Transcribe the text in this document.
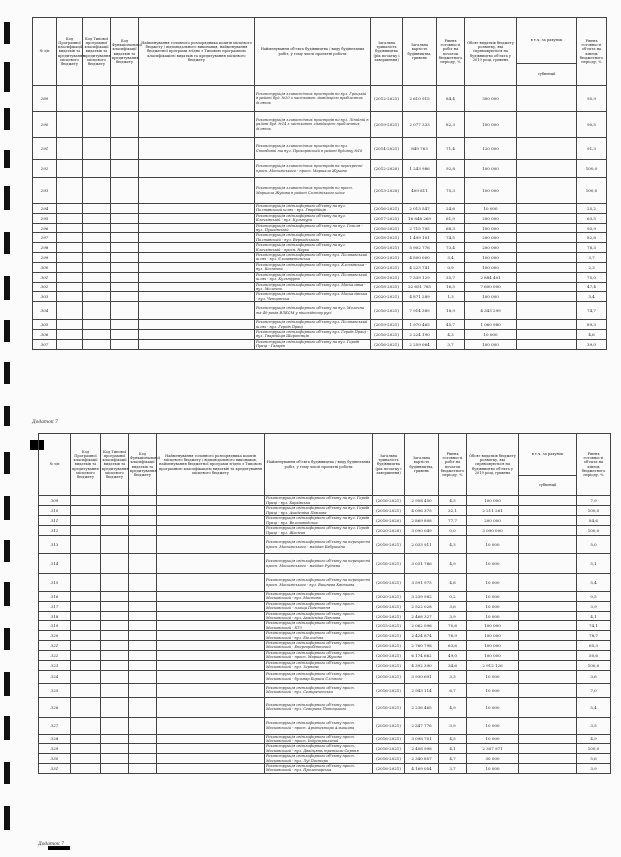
№ з/п	Код Програмної класифікації видатків та кредитування місцевого бюджету	Код Типової програмної класифікації видатків та кредитування місцевого бюджету	Код Функціональної класифікації видатків та кредитування бюджету	Найменування головного розпорядника коштів місцевого бюджету / відповідального виконавця, найменування бюджетної програми згідно з Типовою програмною класифікацією видатків та кредитування місцевого бюджету	Найменування об'єкта будівництва / виду будівельних робіт, у тому числі проектні роботи	Загальна тривалість будівництва (рік початку і завершення)	Загальна вартість будівництва, гривень	Рівень готовності робіт на початок бюджетного періоду, %	Обсяг видатків бюджету розвитку, які спрямовуються на будівництво об'єкта у 2019 році, гривень	в т.ч. за рахунок	Рівень готовності об'єкта на кінець бюджетного періоду, %
										субвенції	
289					Реконструкція зливостічних пристроїв по вул. Грецькій в районі буд. №20 з частковою ліквідацією проблемних ділянок	(2012-2021)	2 610 915	84,4	300 000		95,9
290					Реконструкція зливостічних пристроїв по вул. Лінійній в районі буд. №14 з частковою ліквідацією проблемних ділянок	(2019-2021)	2 077 333	82,3	100 000		90,5
291					Реконструкція зливостічних пристроїв по вул. Стовбовій та вул. Прохорівській в районі будинку №16	(2014-2021)	849 763	71,4	120 000		91,3
292					Реконструкція зливостічних пристроїв на перехресті просп. Московського - просп. Маршала Жукова	(2012-2020)	1 243 986	92,8	100 000		100,0
293					Реконструкція зливостічних пристроїв по просп. Маршала Жукова в районі Салтівського шосе	(2013-2020)	409 811	75,3	100 000		100,0
294					Реконструкція світлофорного об'єкту на вул. Полтавський шлях - вул. Гвардійців	(2016-2021)	2 013 547	24,6	10 000		25,2
295					Реконструкція світлофорного об'єкту на вул. Клочківській - вул. Культури	(2017-2021)	16 848 269	61,9	200 000		63,5
296					Реконструкція світлофорного об'єкту на вул. Гоголя - вул. Пушкінській	(2016-2021)	2 715 795	68,3	100 000		93,9
297					Реконструкція світлофорного об'єкту на вул. Полтавській - вул. Вернадського	(2018-2021)	1 499 101	74,5	200 000		82,8
298					Реконструкція світлофорного об'єкту на вул. Клочківській - просп. Науки	(2018-2021)	5 902 776	73,4	200 000		78,3
299					Реконструкція світлофорного об'єкту вул. Полтавський шлях - вул. Єлизаветинська	(2020-2021)	4 500 000	3,4	100 000		3,7
300					Реконструкція світлофорного об'єкту вул. Клочківська - вул. Космічна	(2020-2021)	4 223 741	0,9	100 000		2,3
301					Реконструкція світлофорного об'єкту вул. Полтавський шлях - вул. Культурна	(2018-2021)	7 339 129	35,7	2 884 401		75,0
302					Реконструкція світлофорного об'єкту вул. Москалівка - вул. Молочна	(2018-2021)	22 651 785	16,5	7 600 000		47,4
303					Реконструкція світлофорного об'єкту вул. Москалівська - вул. Ченцовська	(2020-2021)	4 871 289	1,3	100 000		3,4
304					Реконструкція світлофорного об'єкту на вул. Молочна та 40-років ВЛКСМ у пішохідному русі	(2016-2021)	7 914 389	18,9	4 343 299		74,7
305					Реконструкція світлофорного об'єкту вул. Полтавський шлях - вул. Героїв Праці	(2019-2021)	1 970 465	45,7	1 060 980		89,3
306					Реконструкція світлофорного об'єкту вул. Героїв Праці - вул. Гвардійців Широнінців	(2016-2021)	2 224 190	4,3	10 000		4,6
307					Реконструкція світлофорного об'єкту на вул. Героїв Праці - Гагарін	(2016-2021)	2 259 064	3,7	100 000		39,0
Додаток 7
№ з/п	Код Програмної класифікації видатків та кредитування місцевого бюджету	Код Типової програмної класифікації видатків та кредитування місцевого бюджету	Код Функціональної класифікації видатків та кредитування бюджету	Найменування головного розпорядника коштів місцевого бюджету / відповідального виконавця, найменування бюджетної програми згідно з Типовою програмною класифікацією видатків та кредитування місцевого бюджету	Найменування об'єкта будівництва / виду будівельних робіт, у тому числі проектні роботи	Загальна тривалість будівництва (рік початку і завершення)	Загальна вартість будівництва, гривень	Рівень готовності робіт на початок бюджетного періоду, %	Обсяг видатків бюджету розвитку, які спрямовуються на будівництво об'єкта у 2019 році, гривень	в т.ч. за рахунок	Рівень готовності об'єкта на кінець бюджетного періоду, %
										субвенції	
309					Реконструкція світлофорного об'єкту на вул. Героїв Праці - вул. Харківська	(2016-2021)	2 958 450	4,5	100 000		7,9
310					Реконструкція світлофорного об'єкту на вул. Героїв Праці - вул. Академіка Павлова	(2016-2021)	4 096 375	32,1	2 211 261		100,0
311					Реконструкція світлофорного об'єкту на вул. Героїв Праці - вул. Велозаводська	(2016-2020)	2 869 808	77,7	200 000		84,6
312					Реконструкція світлофорного об'єкту на вул. Героїв Праці - вул. Жасмин	(2020-2020)	3 090 049	0,0	3 090 000		100,0
313					Реконструкція світлофорного об'єкту на перехресті просп. Московського - майдан Бабушкіна	(2016-2021)	2 033 911	4,3	10 000		5,0
314					Реконструкція світлофорного об'єкту на перехресті просп. Московського - майдан Руднєва	(2016-2021)	3 031 766	4,9	10 000		5,1
315					Реконструкція світлофорного об'єкту на перехресті просп. Московського - вул. Вишнева Квіткова	(2016-2021)	3 591 975	4,8	10 000		5,4
316					Реконструкція світлофорного об'єкту просп. Московський - вул. Мостова	(2020-2021)	3 239 982	0,2	10 000		0,5
317					Реконструкція світлофорного об'єкту просп. Московський - площа Повстання	(2016-2021)	2 522 028	3,6	10 000		3,9
318					Реконструкція світлофорного об'єкту просп. Московський - вул. Академіка Павлова	(2016-2021)	2 468 327	3,9	10 000		4,1
319					Реконструкція світлофорного об'єкту просп. Московський - ХТЗ	(2015-2021)	2 062 096	70,6	100 000		74,1
320					Реконструкція світлофорного об'єкту просп. Московський - вул. Біологічна	(2016-2021)	2 424 874	76,9	100 000		78,7
321					Реконструкція світлофорного об'єкту просп. Московський - Енергоробітничий	(2016-2021)	2 760 798	63,6	100 000		65,3
322					Реконструкція світлофорного об'єкту просп. Московський - просп. Маршала Жукова	(2016-2021)	6 174 662	49,0	100 000		50,6
323					Реконструкція світлофорного об'єкту просп. Московський - вул. Зернова	(2016-2021)	4 392 390	34,6	2 912 126		100,0
324					Реконструкція світлофорного об'єкту просп. Московський - бульвар Бориса Слічного	(2016-2021)	3 930 691	3,3	10 000		3,6
325					Реконструкція світлофорного об'єкту просп. Московський - вул. Семиреченська	(2016-2021)	2 943 114	6,7	10 000		7,0
326					Реконструкція світлофорного об'єкту просп. Московський - вул. Северина Потоцького	(2016-2021)	2 236 465	4,9	10 000		5,4
327					Реконструкція світлофорного об'єкту просп. Московський - просп. Архітектора Альошина	(2016-2021)	2 347 776	3,9	10 000		3,5
328					Реконструкція світлофорного об'єкту просп. Московський - просп. Індустріальний	(2016-2021)	3 098 701	4,5	10 000		4,9
329					Реконструкція світлофорного об'єкту просп. Московський - вул. Двадцять третього Серпня	(2016-2021)	2 408 998	4,1	2 307 971		100,0
330					Реконструкція світлофорного об'єкту просп. Московський - вул. Луї Пастера	(2016-2021)	2 340 857	4,7	30 000		5,6
331					Реконструкція світлофорного об'єкту просп. Московський - вул. Пролетарська	(2016-2021)	4 169 054	3,7	10 000		3,9
Додаток 7
